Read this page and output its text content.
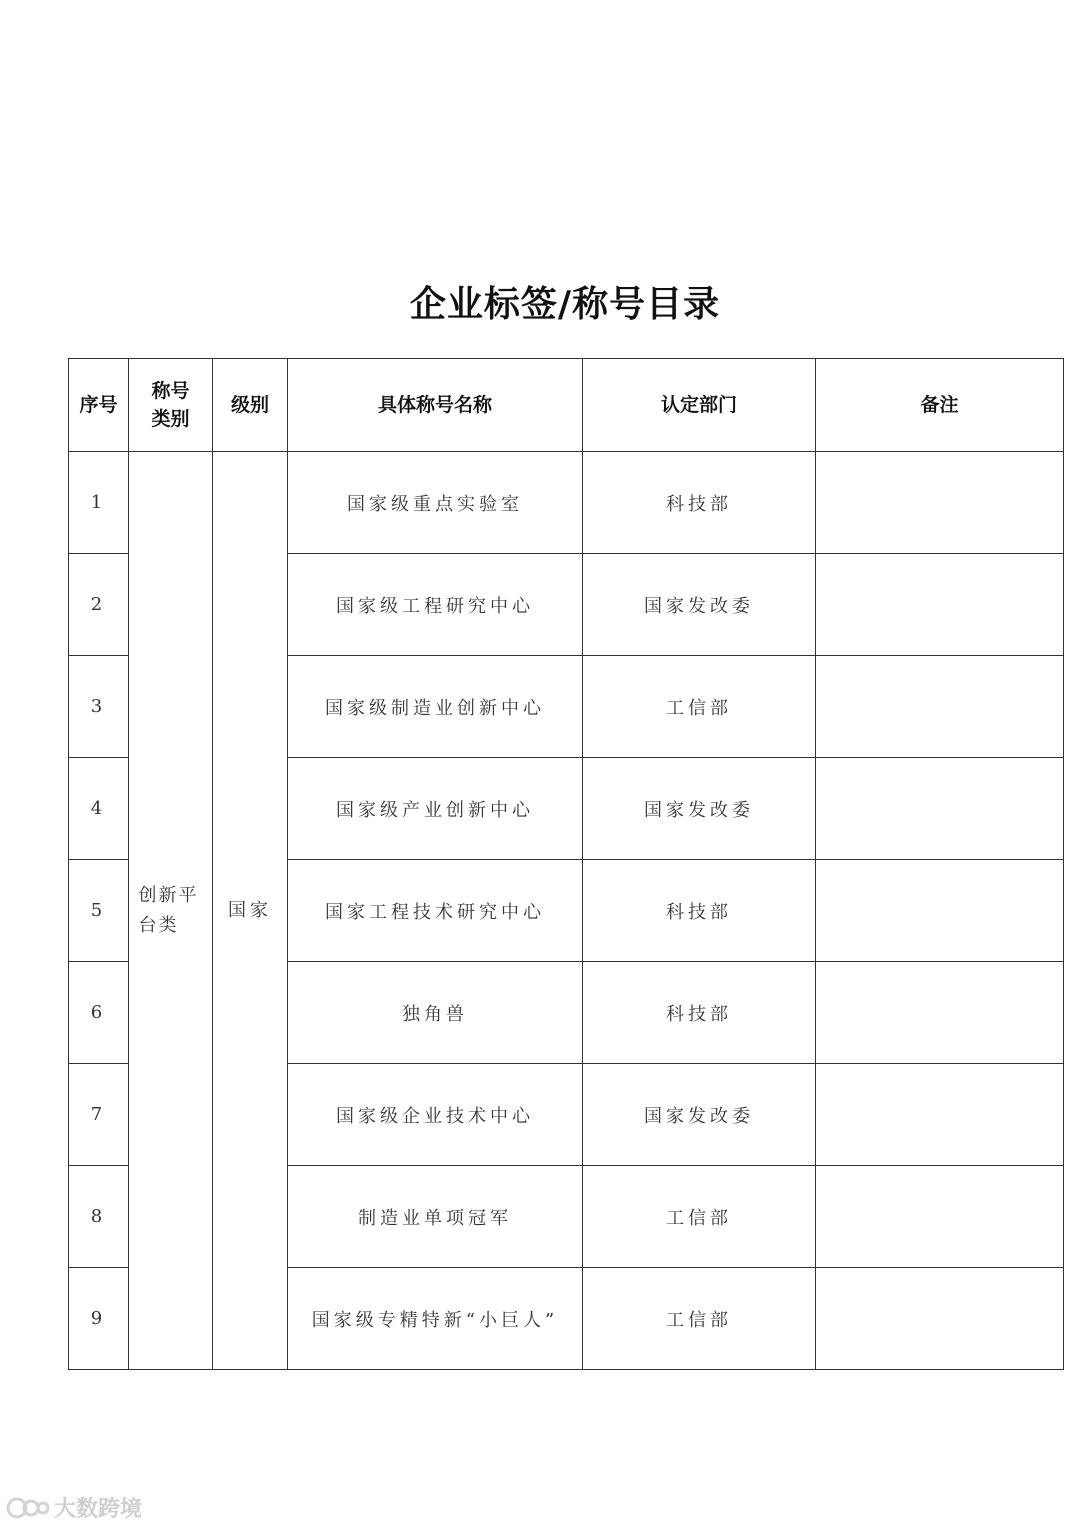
企业标签/称号目录
序号	称号类别	级别	具体称号名称	认定部门	备注
1	创新平台类	国家	国家级重点实验室	科技部	
2			国家级工程研究中心	国家发改委	
3			国家级制造业创新中心	工信部	
4			国家级产业创新中心	国家发改委	
5			国家工程技术研究中心	科技部	
6			独角兽	科技部	
7			国家级企业技术中心	国家发改委	
8			制造业单项冠军	工信部	
9			国家级专精特新“小巨人”	工信部	
大数跨境
